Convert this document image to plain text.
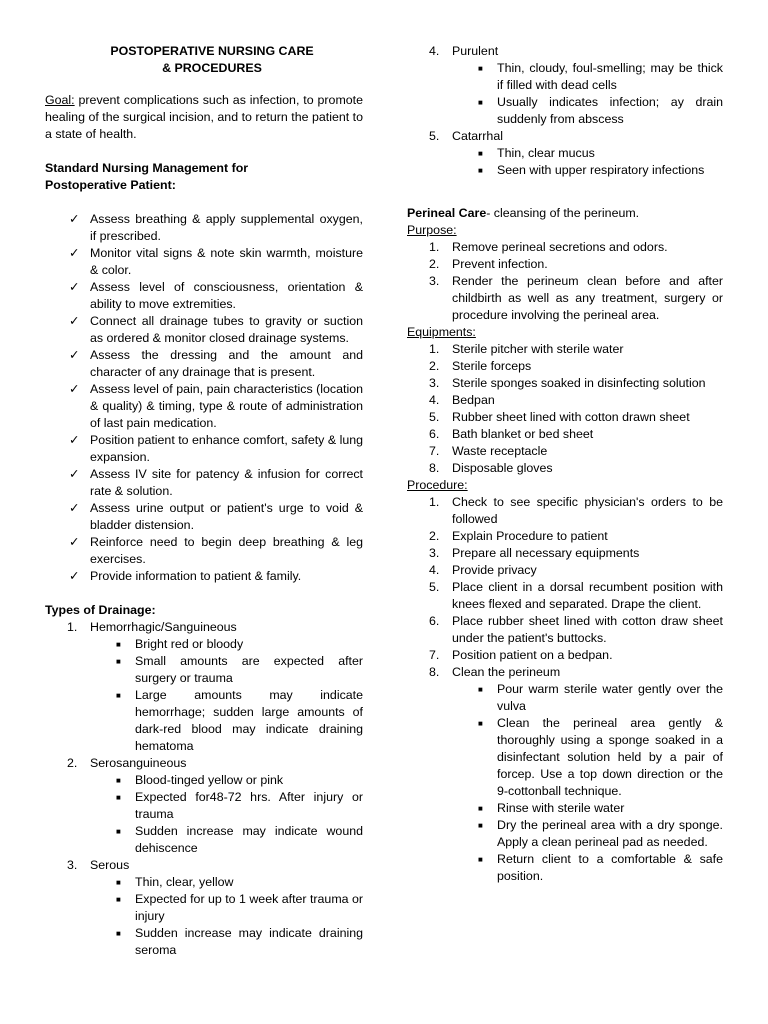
POSTOPERATIVE NURSING CARE
& PROCEDURES

Goal: prevent complications such as infection, to promote healing of the surgical incision, and to return the patient to a state of health.

Standard Nursing Management for
Postoperative Patient:
✓ Assess breathing & apply supplemental oxygen, if prescribed.
✓ Monitor vital signs & note skin warmth, moisture & color.
✓ Assess level of consciousness, orientation & ability to move extremities.
✓ Connect all drainage tubes to gravity or suction as ordered & monitor closed drainage systems.
✓ Assess the dressing and the amount and character of any drainage that is present.
✓ Assess level of pain, pain characteristics (location & quality) & timing, type & route of administration of last pain medication.
✓ Position patient to enhance comfort, safety & lung expansion.
✓ Assess IV site for patency & infusion for correct rate & solution.
✓ Assess urine output or patient's urge to void & bladder distension.
✓ Reinforce need to begin deep breathing & leg exercises.
✓ Provide information to patient & family.
Types of Drainage:
1.	Hemorrhagic/Sanguineous
■ Bright red or bloody
■ Small amounts are expected after surgery or trauma
■ Large amounts may indicate hemorrhage; sudden large amounts of dark-red blood may indicate draining hematoma
2.	Serosanguineous
■ Blood-tinged yellow or pink
■ Expected for48-72 hrs. After injury or trauma
■ Sudden increase may indicate wound dehiscence
3.	Serous
■ Thin, clear, yellow
■ Expected for up to 1 week after trauma or injury
■ Sudden increase may indicate draining seroma
4.	Purulent
■ Thin, cloudy, foul-smelling; may be thick if filled with dead cells
■ Usually indicates infection; ay drain suddenly from abscess
5.	Catarrhal
■ Thin, clear mucus
■ Seen with upper respiratory infections

Perineal Care- cleansing of the perineum.

Purpose:
1.	Remove perineal secretions and odors.
2.	Prevent infection.
3.	Render the perineum clean before and after childbirth as well as any treatment, surgery or procedure involving the perineal area.
Equipments:
1.	Sterile pitcher with sterile water
2.	Sterile forceps
3.	Sterile sponges soaked in disinfecting solution
4.	Bedpan
5.	Rubber sheet lined with cotton drawn sheet
6.	Bath blanket or bed sheet
7.	Waste receptacle
8.	Disposable gloves
Procedure:
1.	Check to see specific physician's orders to be followed
2.	Explain Procedure to patient
3.	Prepare all necessary equipments
4.	Provide privacy
5.	Place client in a dorsal recumbent position with knees flexed and separated. Drape the client.
6.	Place rubber sheet lined with cotton draw sheet under the patient's buttocks.
7.	Position patient on a bedpan.
8.	Clean the perineum
■ Pour warm sterile water gently over the vulva
■ Clean the perineal area gently & thoroughly using a sponge soaked in a disinfectant solution held by a pair of forcep. Use a top down direction or the 9-cottonball technique.
■ Rinse with sterile water
■ Dry the perineal area with a dry sponge. Apply a clean perineal pad as needed.
■ Return client to a comfortable & safe position.
